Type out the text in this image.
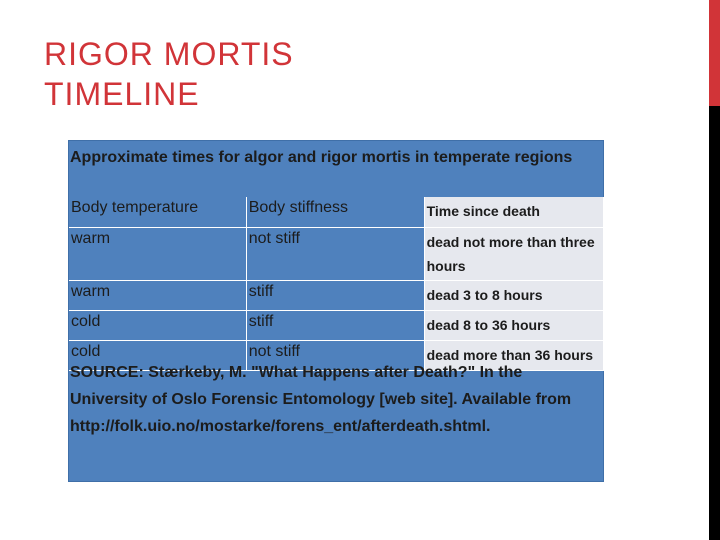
RIGOR MORTIS
TIMELINE
Approximate times for algor and rigor mortis in temperate regions
Body temperature	Body stiffness	Time since death
warm	not stiff	dead not more than three hours
warm	stiff	dead 3 to 8 hours
cold	stiff	dead 8 to 36 hours
cold	not stiff	dead more than 36 hours
SOURCE: Stærkeby, M. "What Happens after Death?" In the University of Oslo Forensic Entomology [web site]. Available from http://folk.uio.no/mostarke/forens_ent/afterdeath.shtml.
